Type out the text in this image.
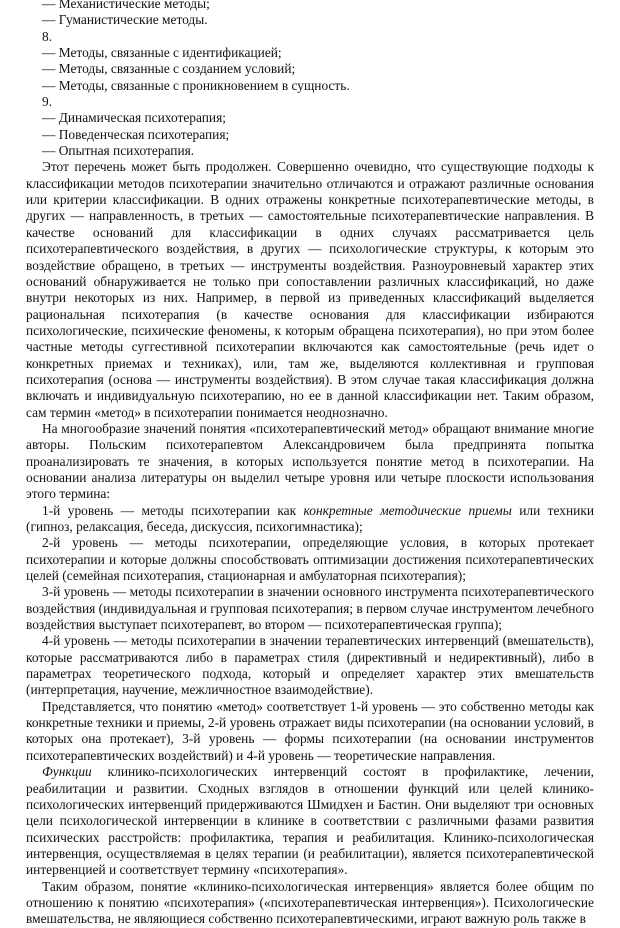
— Механистические методы;
— Гуманистические методы.
8.
— Методы, связанные с идентификацией;
— Методы, связанные с созданием условий;
— Методы, связанные с проникновением в сущность.
9.
— Динамическая психотерапия;
— Поведенческая психотерапия;
— Опытная психотерапия.

Этот перечень может быть продолжен. Совершенно очевидно, что существующие подходы к классификации методов психотерапии значительно отличаются и отражают различные основания или критерии классификации. В одних отражены конкретные психотерапевтические методы, в других — направленность, в третьих — самостоятельные психотерапевтические направления. В качестве оснований для классификации в одних случаях рассматривается цель психотерапевтического воздействия, в других — психологические структуры, к которым это воздействие обращено, в третьих — инструменты воздействия. Разноуровневый характер этих оснований обнаруживается не только при сопоставлении различных классификаций, но даже внутри некоторых из них. Например, в первой из приведенных классификаций выделяется рациональная психотерапия (в качестве основания для классификации избираются психологические, психические феномены, к которым обращена психотерапия), но при этом более частные методы суггестивной психотерапии включаются как самостоятельные (речь идет о конкретных приемах и техниках), или, там же, выделяются коллективная и групповая психотерапия (основа — инструменты воздействия). В этом случае такая классификация должна включать и индивидуальную психотерапию, но ее в данной классификации нет. Таким образом, сам термин «метод» в психотерапии понимается неоднозначно.

На многообразие значений понятия «психотерапевтический метод» обращают внимание многие авторы. Польским психотерапевтом Александровичем была предпринята попытка проанализировать те значения, в которых используется понятие метод в психотерапии. На основании анализа литературы он выделил четыре уровня или четыре плоскости использования этого термина:

1-й уровень — методы психотерапии как конкретные методические приемы или техники (гипноз, релаксация, беседа, дискуссия, психогимнастика);

2-й уровень — методы психотерапии, определяющие условия, в которых протекает психотерапии и которые должны способствовать оптимизации достижения психотерапевтических целей (семейная психотерапия, стационарная и амбулаторная психотерапия);

3-й уровень — методы психотерапии в значении основного инструмента психотерапевтического воздействия (индивидуальная и групповая психотерапия; в первом случае инструментом лечебного воздействия выступает психотерапевт, во втором — психотерапевтическая группа);

4-й уровень — методы психотерапии в значении терапевтических интервенций (вмешательств), которые рассматриваются либо в параметрах стиля (директивный и недирективный), либо в параметрах теоретического подхода, который и определяет характер этих вмешательств (интерпретация, научение, межличностное взаимодействие).

Представляется, что понятию «метод» соответствует 1-й уровень — это собственно методы как конкретные техники и приемы, 2-й уровень отражает виды психотерапии (на основании условий, в которых она протекает), 3-й уровень — формы психотерапии (на основании инструментов психотерапевтических воздействий) и 4-й уровень — теоретические направления.

Функции клинико-психологических интервенций состоят в профилактике, лечении, реабилитации и развитии. Сходных взглядов в отношении функций или целей клинико-психологических интервенций придерживаются Шмидхен и Бастин. Они выделяют три основных цели психологической интервенции в клинике в соответствии с различными фазами развития психических расстройств: профилактика, терапия и реабилитация. Клинико-психологическая интервенция, осуществляемая в целях терапии (и реабилитации), является психотерапевтической интервенцией и соответствует термину «психотерапия».

Таким образом, понятие «клинико-психологическая интервенция» является более общим по отношению к понятию «психотерапия» («психотерапевтическая интервенция»). Психологические вмешательства, не являющиеся собственно психотерапевтическими, играют важную роль также в
